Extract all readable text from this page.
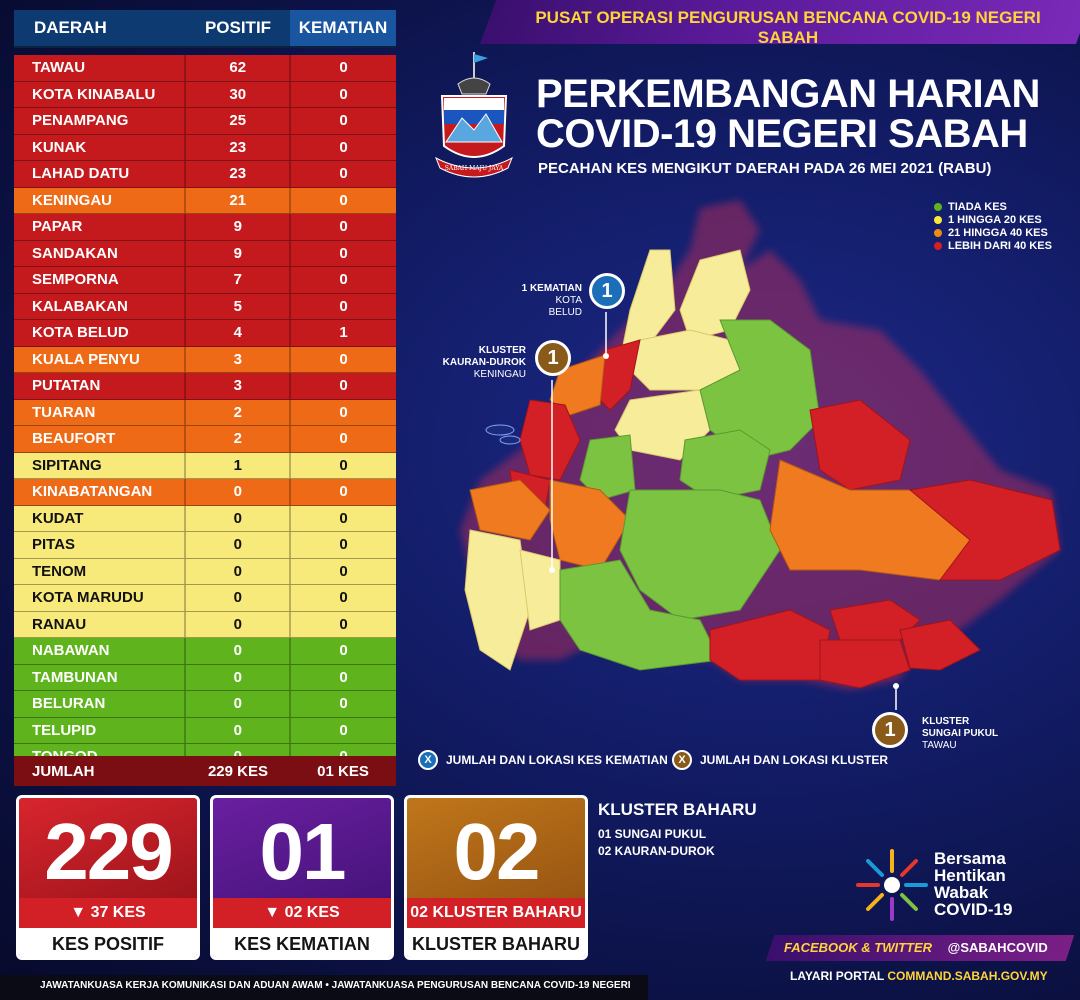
DAERAH	POSITIF	KEMATIAN
TAWAU	62	0
KOTA KINABALU	30	0
PENAMPANG	25	0
KUNAK	23	0
LAHAD DATU	23	0
KENINGAU	21	0
PAPAR	9	0
SANDAKAN	9	0
SEMPORNA	7	0
KALABAKAN	5	0
KOTA BELUD	4	1
KUALA PENYU	3	0
PUTATAN	3	0
TUARAN	2	0
BEAUFORT	2	0
SIPITANG	1	0
KINABATANGAN	0	0
KUDAT	0	0
PITAS	0	0
TENOM	0	0
KOTA MARUDU	0	0
RANAU	0	0
NABAWAN	0	0
TAMBUNAN	0	0
BELURAN	0	0
TELUPID	0	0
JUMLAH	229 KES	01 KES
PUSAT OPERASI PENGURUSAN BENCANA COVID-19 NEGERI SABAH
SABAH MAJU JAYA
PERKEMBANGAN HARIAN
COVID-19 NEGERI SABAH
PECAHAN KES MENGIKUT DAERAH PADA 26 MEI 2021 (RABU)
TIADA KES
1 HINGGA 20 KES
21 HINGGA 40 KES
LEBIH DARI 40 KES
1
1 KEMATIAN
KOTA BELUD
1
KLUSTER
KAURAN-DUROK
KENINGAU
1	KLUSTER
SUNGAI PUKUL
TAWAU
X	JUMLAH DAN LOKASI KES KEMATIAN X	JUMLAH DAN LOKASI KLUSTER
229
▼ 37 KES
KES POSITIF
01
▼ 02 KES
KES KEMATIAN
02
02 KLUSTER BAHARU
KLUSTER BAHARU
KLUSTER BAHARU
01 SUNGAI PUKUL
02 KAURAN-DUROK	Bersama
Hentikan
Wabak
COVID-19
FACEBOOK & TWITTER @SABAHCOVID
LAYARI PORTAL COMMAND.SABAH.GOV.MY
JAWATANKUASA KERJA KOMUNIKASI DAN ADUAN AWAM • JAWATANKUASA PENGURUSAN BENCANA COVID-19 NEGERI
